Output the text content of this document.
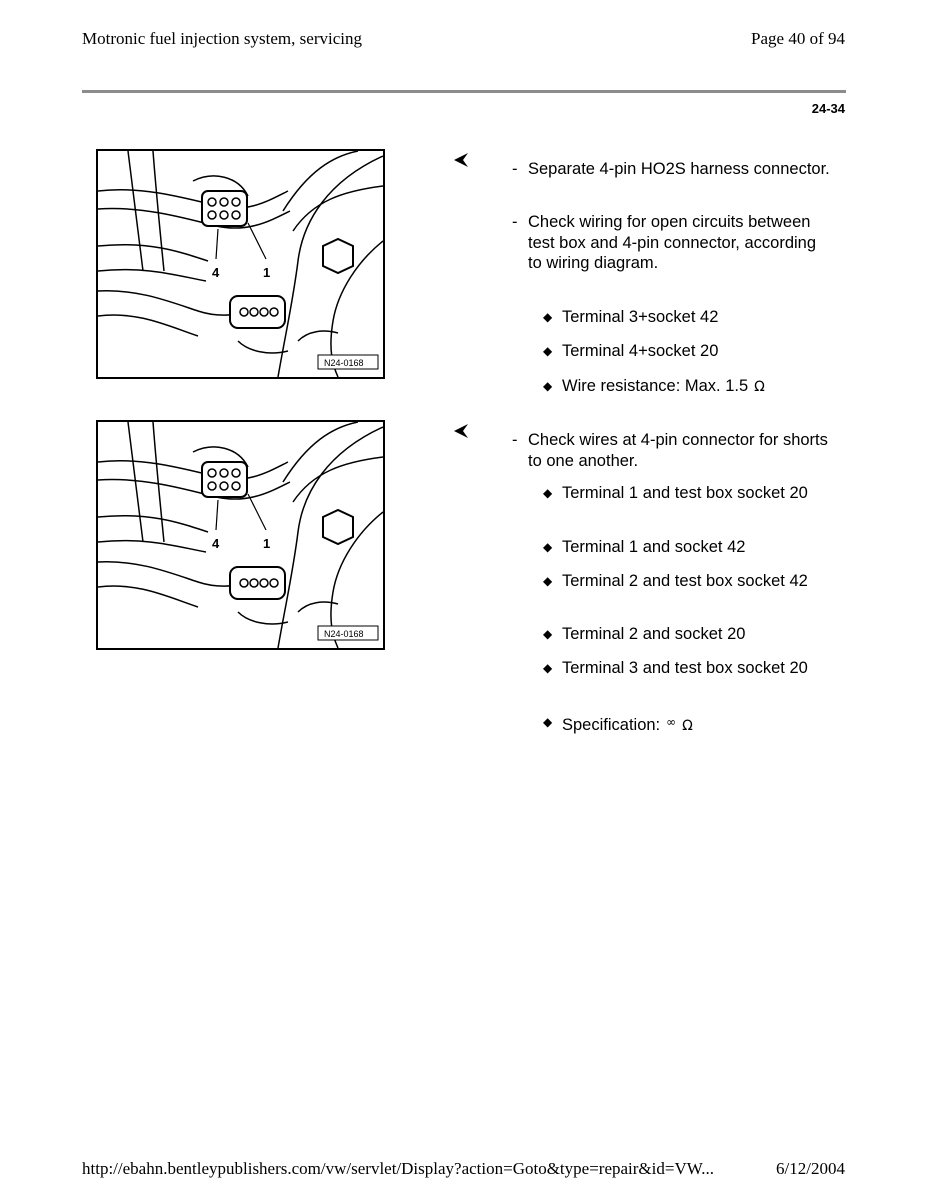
Motronic fuel injection system, servicing	Page 40 of 94
24-34
4	1
N24-0168
4	1
N24-0168
- Separate 4-pin HO2S harness connector.
- Check wiring for open circuits between test box and 4-pin connector, according to wiring diagram.
◆ Terminal 3+socket 42
◆ Terminal 4+socket 20
◆ Wire resistance: Max. 1.5 Ω
- Check wires at 4-pin connector for shorts to one another.
◆ Terminal 1 and test box socket 20
◆ Terminal 1 and socket 42
◆ Terminal 2 and test box socket 42
◆ Terminal 2 and socket 20
◆ Terminal 3 and test box socket 20
◆ Specification: ∞ Ω
http://ebahn.bentleypublishers.com/vw/servlet/Display?action=Goto&type=repair&id=VW...	6/12/2004
